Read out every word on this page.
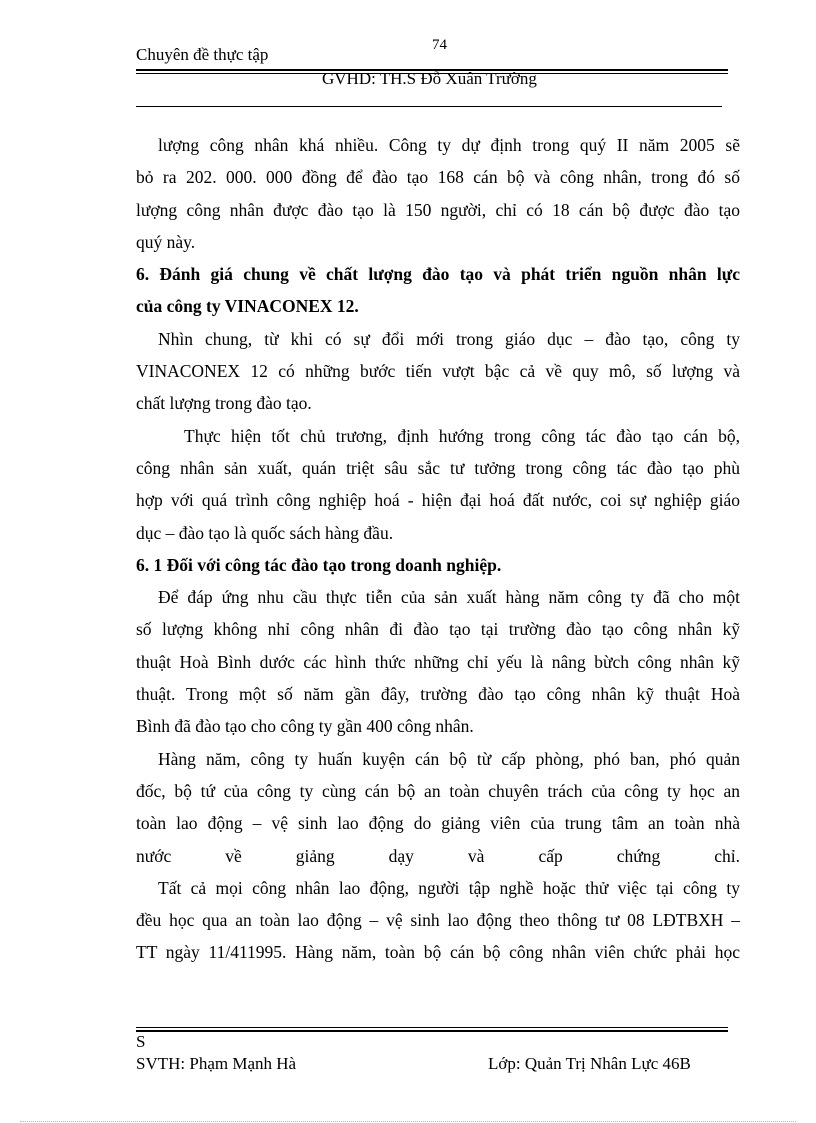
74
Chuyên đề thực tập
GVHD: TH.S Đỗ Xuân Trường
lượng công nhân khá nhiều. Công ty dự định trong quý II năm 2005 sẽ
bỏ ra 202. 000. 000 đồng để đào tạo 168 cán bộ và công nhân, trong đó số
lượng công nhân được đào tạo là 150 người, chỉ có 18 cán bộ được đào tạo
quý này.
6. Đánh giá chung về chất lượng đào tạo và phát triển nguồn nhân lực
của công ty VINACONEX 12.
Nhìn chung, từ khi có sự đổi mới trong giáo dục – đào tạo, công ty
VINACONEX 12 có những bước tiến vượt bậc cả về quy mô, số lượng và
chất lượng trong đào tạo.
Thực hiện tốt chủ trương, định hướng trong công tác đào tạo cán bộ,
công nhân sản xuất, quán triệt sâu sắc tư tưởng trong công tác đào tạo phù
hợp với quá trình công nghiệp hoá - hiện đại hoá đất nước, coi sự nghiệp giáo
dục – đào tạo là quốc sách hàng đầu.
6. 1 Đối với công tác đào tạo trong doanh nghiệp.
Để đáp ứng nhu cầu thực tiễn của sản xuất hàng năm công ty đã cho một
số lượng không nhỉ công nhân đi đào tạo tại trường đào tạo công nhân kỹ
thuật Hoà Bình dước các hình thức những chỉ yếu là nâng bừch công nhân kỹ
thuật. Trong một số năm gần đây, trường đào tạo công nhân kỹ thuật Hoà
Bình đã đào tạo cho công ty gần 400 công nhân.
Hàng năm, công ty huấn kuyện cán bộ từ cấp phòng, phó ban, phó quản
đốc, bộ tứ của công ty cùng cán bộ an toàn chuyên trách của công ty học an
toàn lao động – vệ sinh lao động do giảng viên của trung tâm an toàn nhà
nước về giảng dạy và cấp chứng chỉ.
Tất cả mọi công nhân lao động, người tập nghề hoặc thử việc tại công ty
đều học qua an toàn lao động – vệ sinh lao động theo thông tư 08 LĐTBXH –
TT ngày 11/411995. Hàng năm, toàn bộ cán bộ công nhân viên chức phải học
S
SVTH: Phạm Mạnh Hà	Lớp: Quản Trị Nhân Lực 46B
